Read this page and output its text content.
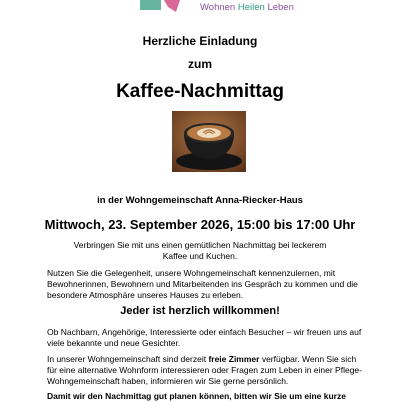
Wohnen Heilen Leben
Herzliche Einladung
zum
Kaffee-Nachmittag
in der Wohngemeinschaft Anna-Riecker-Haus
Mittwoch, 23. September 2026, 15:00 bis 17:00 Uhr
Verbringen Sie mit uns einen gemütlichen Nachmittag bei leckerem
Kaffee und Kuchen.
Nutzen Sie die Gelegenheit, unsere Wohngemeinschaft kennenzulernen, mit
Bewohnerinnen, Bewohnern und Mitarbeitenden ins Gespräch zu kommen und die
besondere Atmosphäre unseres Hauses zu erleben.
Jeder ist herzlich willkommen!
Ob Nachbarn, Angehörige, Interessierte oder einfach Besucher – wir freuen uns auf
viele bekannte und neue Gesichter.
In unserer Wohngemeinschaft sind derzeit freie Zimmer verfügbar. Wenn Sie sich
für eine alternative Wohnform interessieren oder Fragen zum Leben in einer Pflege-
Wohngemeinschaft haben, informieren wir Sie gerne persönlich.
Damit wir den Nachmittag gut planen können, bitten wir Sie um eine kurze
